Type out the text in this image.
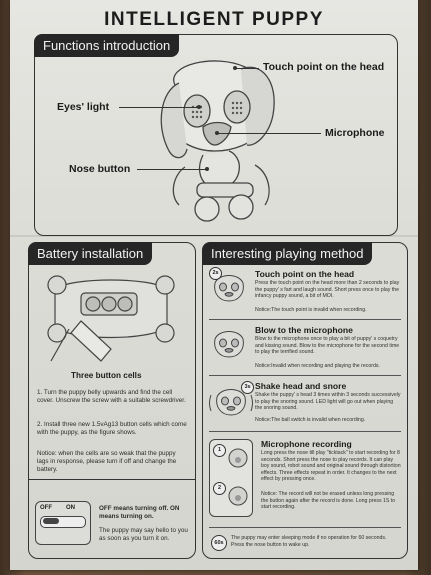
INTELLIGENT PUPPY
Functions introduction
Touch point on the head
Eyes' light
Microphone
Nose button
Battery installation
Three button cells
1. Turn the puppy belly upwards and find the cell cover. Unscrew the screw with a suitable screwdriver.
2. Install three new 1.5vAg13 button cells which come with the puppy, as the figure shows.
Notice: when the cells are so weak that the puppy lags in response, please turn if off and change the battery.
OFF ON	OFF means turning off. ON means turning on.
The puppy may say hello to you as soon as you turn it on.
Interesting playing method
2s	Touch point on the head
Press the touch point on the head more than 2 seconds to play the puppy' s fart and laugh sound. Short press once to play the infancy puppy sound, a bit of MOI.
Notice:The touch point is invalid when recording.
Blow to the microphone
Blow to the microphone once to play a bit of puppy' s coquetry and kissing sound. Blow to the microphone for the second time to play the terrified sound.
Notice:Invalid when recording and playing the records.
3s Shake head and snore
Shake the puppy' s head 3 times within 3 seconds successively to play the snoring sound. LED light will go out when playing the snoring sound.
Notice:The ball switch is invalid when recording.
1
2
Microphone recording
Long press the nose till play "ticktack" to start recording for 8 seconds. Short press the nose to play records. It can play boy sound, robot sound and original sound through distortion effects. Three effects repeat in order. It changes to the next effect by pressing once.
Notice: The record will not be erased unless long pressing the button again after the record is done. Long press 1S to start recording.
60s
The puppy may enter sleeping mode if no operation for 60 seconds. Press the nose button to wake up.
